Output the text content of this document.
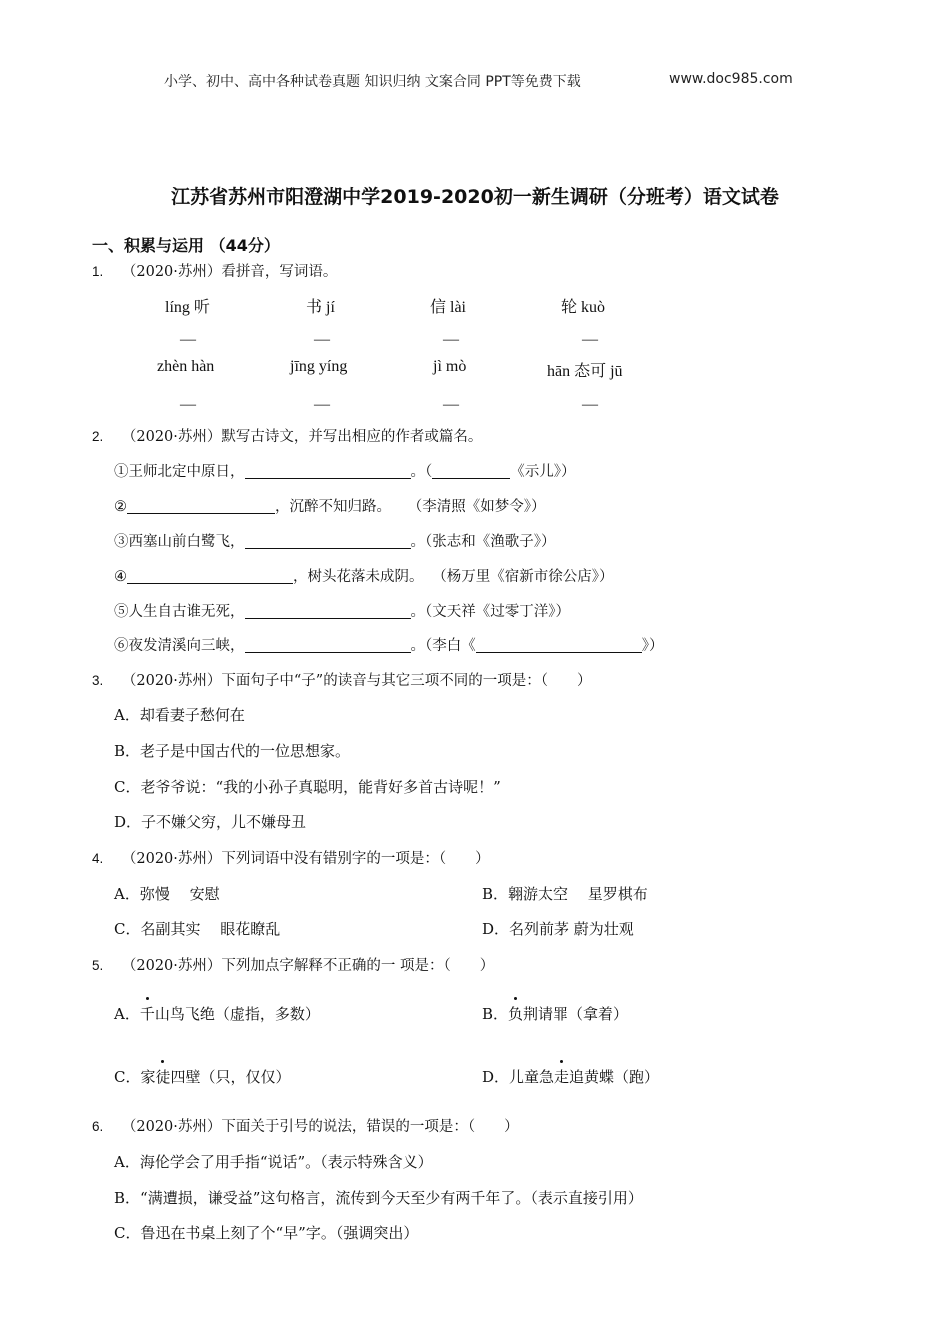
小学、初中、高中各种试卷真题 知识归纳 文案合同 PPT等免费下载	www.doc985.com
江苏省苏州市阳澄湖中学2019-2020初一新生调研（分班考）语文试卷
一、积累与运用 （44分）
1. （2020·苏州）看拼音，写词语。
líng 听	书 jí	信 lài	轮 kuò
—	—	—	—
zhèn hàn	jīng yíng	jì mò	hān 态可 jū
—	—	—	—
2. （2020·苏州）默写古诗文，并写出相应的作者或篇名。
①王师北定中原日，	。（	《示儿》）
②	，沉醉不知归路。 （李清照《如梦令》）
③西塞山前白鹭飞，	。（张志和《渔歌子》）
④	，树头花落未成阴。 （杨万里《宿新市徐公店》）
⑤人生自古谁无死，	。（文天祥《过零丁洋》）
⑥夜发清溪向三峡，	。（李白《	》）
3. （2020·苏州）下面句子中“子”的读音与其它三项不同的一项是：（　　）
A．却看妻子愁何在
B．老子是中国古代的一位思想家。
C．老爷爷说：“我的小孙子真聪明，能背好多首古诗呢！”
D．子不嫌父穷，儿不嫌母丑
4. （2020·苏州）下列词语中没有错别字的一项是：（　　）
A．弥慢　 安慰	B．翱游太空　 星罗棋布
C．名副其实　 眼花瞭乱	D．名列前茅 蔚为壮观
5. （2020·苏州）下列加点字解释不正确的一 项是：（　　）
A．千山鸟飞绝（虚指，多数）	B．负荆请罪（拿着）
C．家徒四壁（只，仅仅）	D．儿童急走追黄蝶（跑）
6. （2020·苏州）下面关于引号的说法，错误的一项是：（　　）
A．海伦学会了用手指“说话”。（表示特殊含义）
B．“满遭损，谦受益”这句格言，流传到今天至少有两千年了。（表示直接引用）
C．鲁迅在书桌上刻了个“早”字。（强调突出）
